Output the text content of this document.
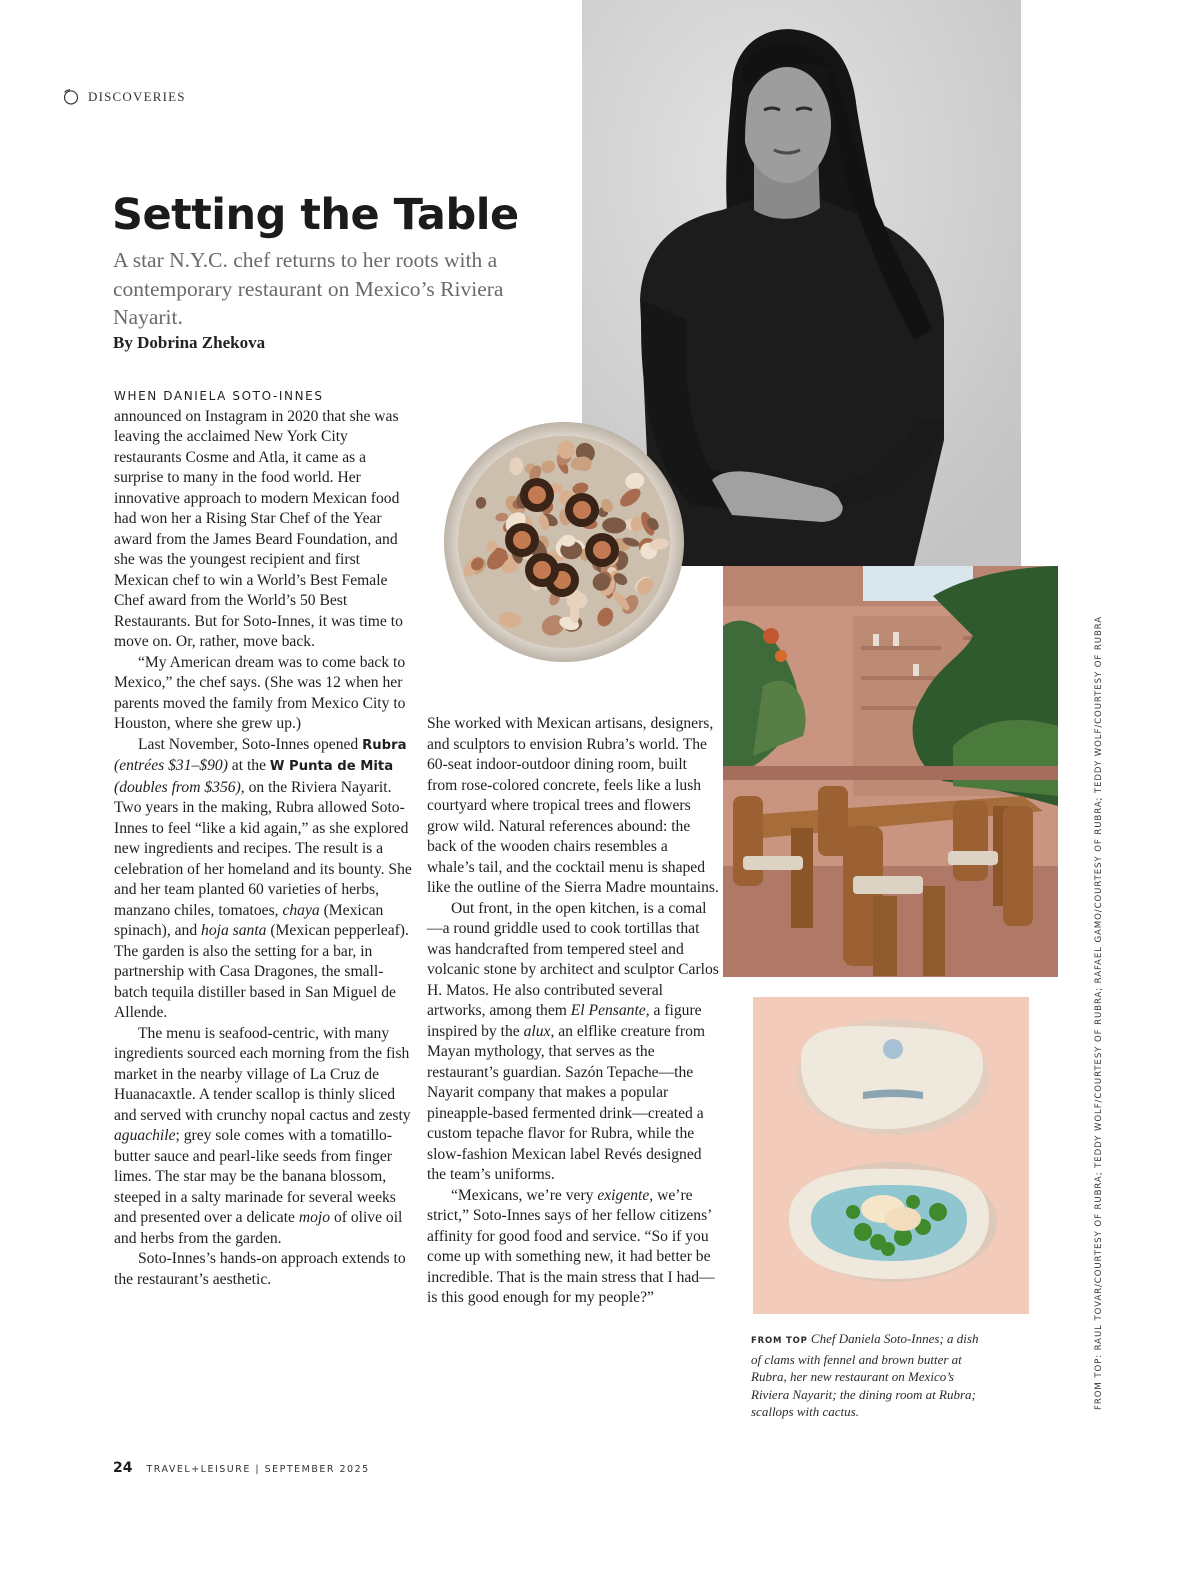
DISCOVERIES
Setting the Table
A star N.Y.C. chef returns to her roots with a contemporary restaurant on Mexico’s Riviera Nayarit.
By Dobrina Zhekova

WHEN DANIELA SOTO-INNES
announced on Instagram in 2020 that she was leaving the acclaimed New York City restaurants Cosme and Atla, it came as a surprise to many in the food world. Her innovative approach to modern Mexican food had won her a Rising Star Chef of the Year award from the James Beard Foundation, and she was the youngest recipient and first Mexican chef to win a World’s Best Female Chef award from the World’s 50 Best Restaurants. But for Soto-Innes, it was time to move on. Or, rather, move back.

“My American dream was to come back to Mexico,” the chef says. (She was 12 when her parents moved the family from Mexico City to Houston, where she grew up.)

Last November, Soto-Innes opened Rubra (entrées $31–$90) at the W Punta de Mita (doubles from $356), on the Riviera Nayarit. Two years in the making, Rubra allowed Soto-Innes to feel “like a kid again,” as she explored new ingredients and recipes. The result is a celebration of her homeland and its bounty. She and her team planted 60 varieties of herbs, manzano chiles, tomatoes, chaya (Mexican spinach), and hoja santa (Mexican pepperleaf). The garden is also the setting for a bar, in partnership with Casa Dragones, the small-batch tequila distiller based in San Miguel de Allende.

The menu is seafood-centric, with many ingredients sourced each morning from the fish market in the nearby village of La Cruz de Huanacaxtle. A tender scallop is thinly sliced and served with crunchy nopal cactus and zesty aguachile; grey sole comes with a tomatillo-butter sauce and pearl-like seeds from finger limes. The star may be the banana blossom, steeped in a salty marinade for several weeks and presented over a delicate mojo of olive oil and herbs from the garden.

Soto-Innes’s hands-on approach extends to the restaurant’s aesthetic.

She worked with Mexican artisans, designers, and sculptors to envision Rubra’s world. The 60-seat indoor-outdoor dining room, built from rose-colored concrete, feels like a lush courtyard where tropical trees and flowers grow wild. Natural references abound: the back of the wooden chairs resembles a whale’s tail, and the cocktail menu is shaped like the outline of the Sierra Madre mountains.

Out front, in the open kitchen, is a comal—a round griddle used to cook tortillas that was handcrafted from tempered steel and volcanic stone by architect and sculptor Carlos H. Matos. He also contributed several artworks, among them El Pensante, a figure inspired by the alux, an elflike creature from Mayan mythology, that serves as the restaurant’s guardian. Sazón Tepache—the Nayarit company that makes a popular pineapple-based fermented drink—created a custom tepache flavor for Rubra, while the slow-fashion Mexican label Revés designed the team’s uniforms.

“Mexicans, we’re very exigente, we’re strict,” Soto-Innes says of her fellow citizens’ affinity for good food and service. “So if you come up with something new, it had better be incredible. That is the main stress that I had—is this good enough for my people?”

FROM TOP Chef Daniela Soto-Innes; a dish of clams with fennel and brown butter at Rubra, her new restaurant on Mexico’s Riviera Nayarit; the dining room at Rubra; scallops with cactus.
FROM TOP: RAUL TOVAR/COURTESY OF RUBRA; TEDDY WOLF/COURTESY OF RUBRA; RAFAEL GAMO/COURTESY OF RUBRA; TEDDY WOLF/COURTESY OF RUBRA
24 TRAVEL+LEISURE | SEPTEMBER 2025
